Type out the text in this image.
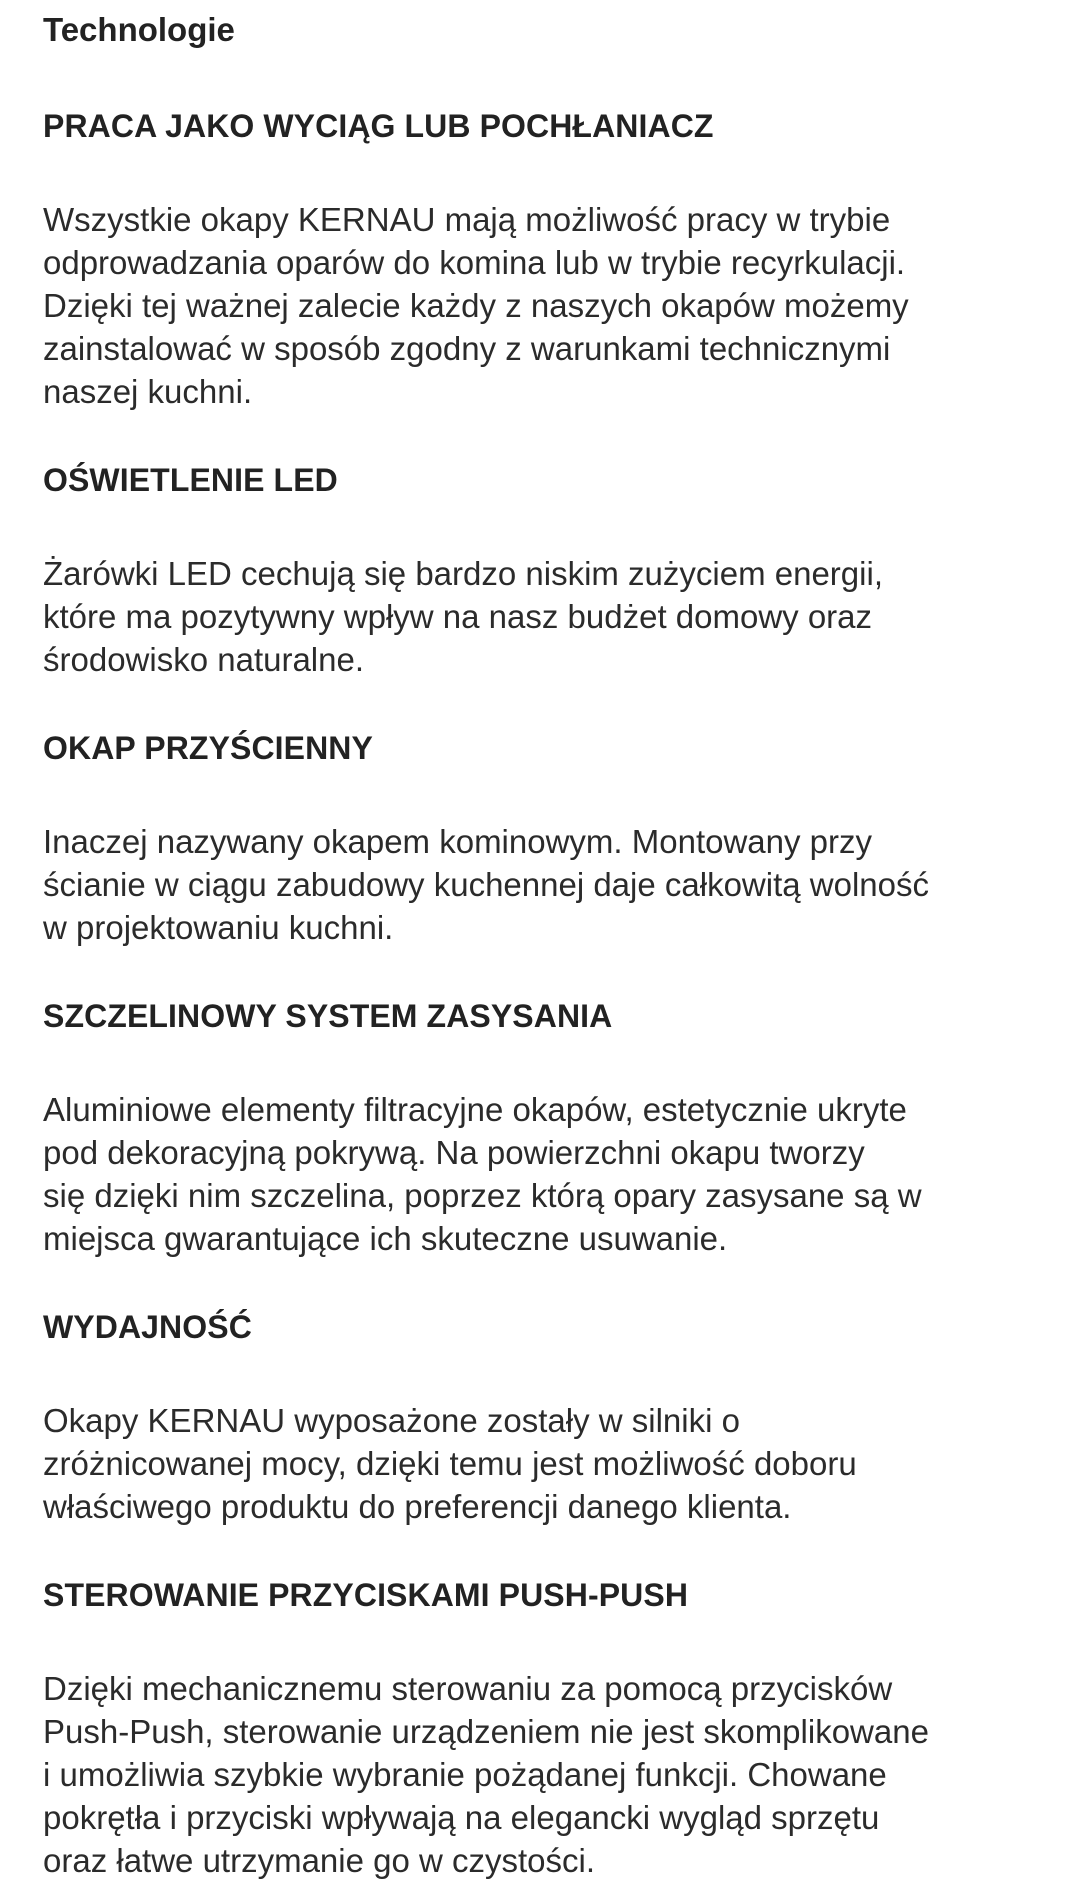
Technologie
PRACA JAKO WYCIĄG LUB POCHŁANIACZ
Wszystkie okapy KERNAU mają możliwość pracy w trybie
odprowadzania oparów do komina lub w trybie recyrkulacji.
Dzięki tej ważnej zalecie każdy z naszych okapów możemy
zainstalować w sposób zgodny z warunkami technicznymi
naszej kuchni.
OŚWIETLENIE LED
Żarówki LED cechują się bardzo niskim zużyciem energii,
które ma pozytywny wpływ na nasz budżet domowy oraz
środowisko naturalne.
OKAP PRZYŚCIENNY
Inaczej nazywany okapem kominowym. Montowany przy
ścianie w ciągu zabudowy kuchennej daje całkowitą wolność
w projektowaniu kuchni.
SZCZELINOWY SYSTEM ZASYSANIA
Aluminiowe elementy filtracyjne okapów, estetycznie ukryte
pod dekoracyjną pokrywą. Na powierzchni okapu tworzy
się dzięki nim szczelina, poprzez którą opary zasysane są w
miejsca gwarantujące ich skuteczne usuwanie.
WYDAJNOŚĆ
Okapy KERNAU wyposażone zostały w silniki o
zróżnicowanej mocy, dzięki temu jest możliwość doboru
właściwego produktu do preferencji danego klienta.
STEROWANIE PRZYCISKAMI PUSH-PUSH
Dzięki mechanicznemu sterowaniu za pomocą przycisków
Push-Push, sterowanie urządzeniem nie jest skomplikowane
i umożliwia szybkie wybranie pożądanej funkcji. Chowane
pokrętła i przyciski wpływają na elegancki wygląd sprzętu
oraz łatwe utrzymanie go w czystości.
